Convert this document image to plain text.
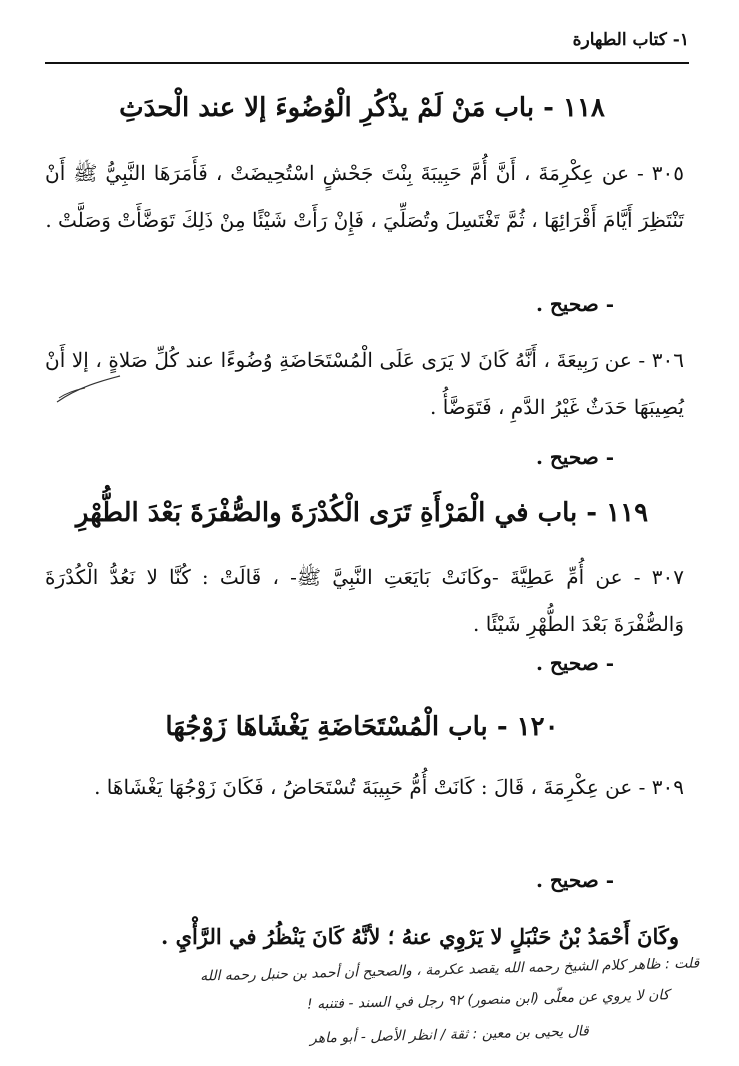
١- كتاب الطهارة
١١٨ - باب مَنْ لَمْ يذْكُرِ الْوُضُوءَ إلا عند الْحدَثِ
٣٠٥ - عن عِكْرِمَةَ ، أَنَّ أُمَّ حَبِيبَةَ بِنْتَ جَحْشٍ اسْتُحِيضَتْ ، فَأَمَرَهَا النَّبِيُّ ﷺ أَنْ تَنْتَظِرَ أَيَّامَ أَقْرَائِهَا ، ثُمَّ تَغْتَسِلَ وتُصَلِّيَ ، فَإِنْ رَأَتْ شَيْئًا مِنْ ذَلِكَ تَوَضَّأَتْ وَصَلَّتْ .
- صحيح .
٣٠٦ - عن رَبِيعَةَ ، أَنَّهُ كَانَ لا يَرَى عَلَى الْمُسْتَحَاضَةِ وُضُوءًا عند كُلِّ صَلاةٍ ، إلا أَنْ يُصِيبَهَا حَدَثٌ غَيْرُ الدَّمِ ، فَتَوَضَّأُ .
- صحيح .
١١٩ - باب في الْمَرْأَةِ تَرَى الْكُدْرَةَ والصُّفْرَةَ بَعْدَ الطُّهْرِ
٣٠٧ - عن أُمِّ عَطِيَّةَ -وكَانَتْ بَايَعَتِ النَّبِيَّ ﷺ- ، قَالَتْ : كُنَّا لا نَعُدُّ الْكُدْرَةَ وَالصُّفْرَةَ بَعْدَ الطُّهْرِ شَيْئًا .
- صحيح .
١٢٠ - باب الْمُسْتَحَاضَةِ يَغْشَاهَا زَوْجُهَا
٣٠٩ - عن عِكْرِمَةَ ، قَالَ : كَانَتْ أُمُّ حَبِيبَةَ تُسْتَحَاضُ ، فَكَانَ زَوْجُهَا يَغْشَاهَا .
- صحيح .
وكَانَ أَحْمَدُ بْنُ حَنْبَلٍ لا يَرْوِي عنهُ ؛ لأنَّهُ كَانَ يَنْظُرُ في الرَّأْيِ .
قلت : ظاهر كلام الشيخ رحمه الله يقصد عكرمة ، والصحيح أن أحمد بن حنبل رحمه الله
كان لا يروي عن معلّى (ابن منصور) ٩٢ رجل في السند - فتنبه !
قال يحيى بن معين : ثقة / انظر الأصل - أبو ماهر
